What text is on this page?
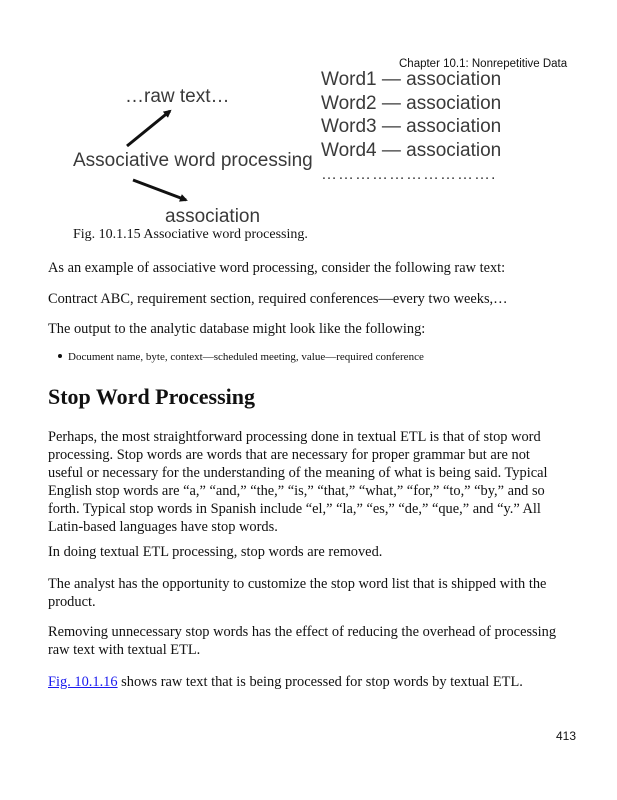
Chapter 10.1: Nonrepetitive Data
…raw text…
Associative word processing
association
Word1 — association
Word2 — association
Word3 — association
Word4 — association
………………………….
Fig. 10.1.15 Associative word processing.

As an example of associative word processing, consider the following raw text:

Contract ABC, requirement section, required conferences—every two weeks,…

The output to the analytic database might look like the following:

Document name, byte, context—scheduled meeting, value—required conference
Stop Word Processing

Perhaps, the most straightforward processing done in textual ETL is that of stop word processing. Stop words are words that are necessary for proper grammar but are not useful or necessary for the understanding of the meaning of what is being said. Typical English stop words are “a,” “and,” “the,” “is,” “that,” “what,” “for,” “to,” “by,” and so forth. Typical stop words in Spanish include “el,” “la,” “es,” “de,” “que,” and “y.” All Latin-based languages have stop words.

In doing textual ETL processing, stop words are removed.

The analyst has the opportunity to customize the stop word list that is shipped with the product.

Removing unnecessary stop words has the effect of reducing the overhead of processing raw text with textual ETL.

Fig. 10.1.16 shows raw text that is being processed for stop words by textual ETL.

413
